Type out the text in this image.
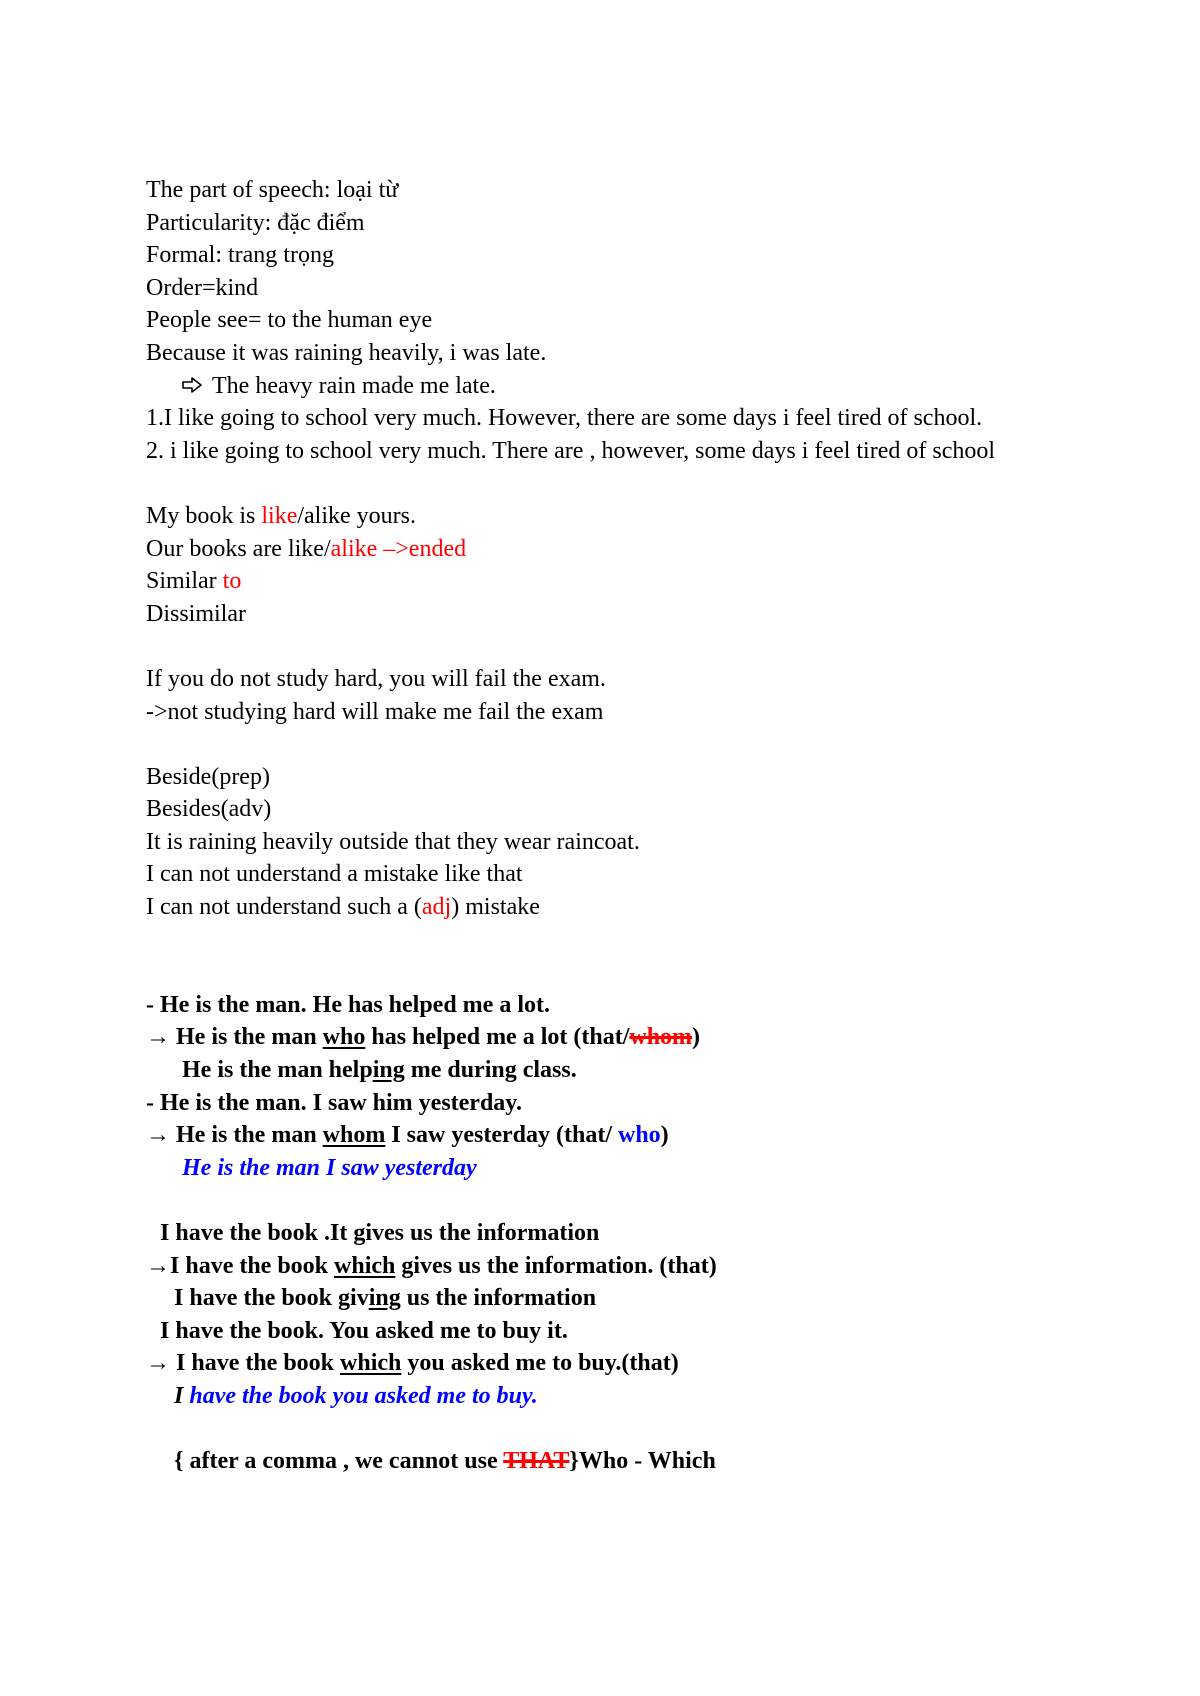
The part of speech: loại từ
Particularity: đặc điểm
Formal: trang trọng
Order=kind
People see= to the human eye
Because it was raining heavily, i was late.
The heavy rain made me late.
1.I like going to school very much. However, there are some days i feel tired of school.
2. i like going to school very much. There are , however, some days i feel tired of school
My book is like/alike yours.
Our books are like/alike –>ended
Similar to
Dissimilar
If you do not study hard, you will fail the exam.
->not studying hard will make me fail the exam
Beside(prep)
Besides(adv)
It is raining heavily outside that they wear raincoat.
I can not understand a mistake like that
I can not understand such a (adj) mistake
- He is the man. He has helped me a lot.
→ He is the man who has helped me a lot (that/whom)
He is the man helping me during class.
- He is the man. I saw him yesterday.
→ He is the man whom I saw yesterday (that/ who)
He is the man I saw yesterday
I have the book .It gives us the information
→I have the book which gives us the information. (that)
I have the book giving us the information
I have the book. You asked me to buy it.
→ I have the book which you asked me to buy.(that)
I have the book you asked me to buy.
{ after a comma , we cannot use THAT}Who - Which
